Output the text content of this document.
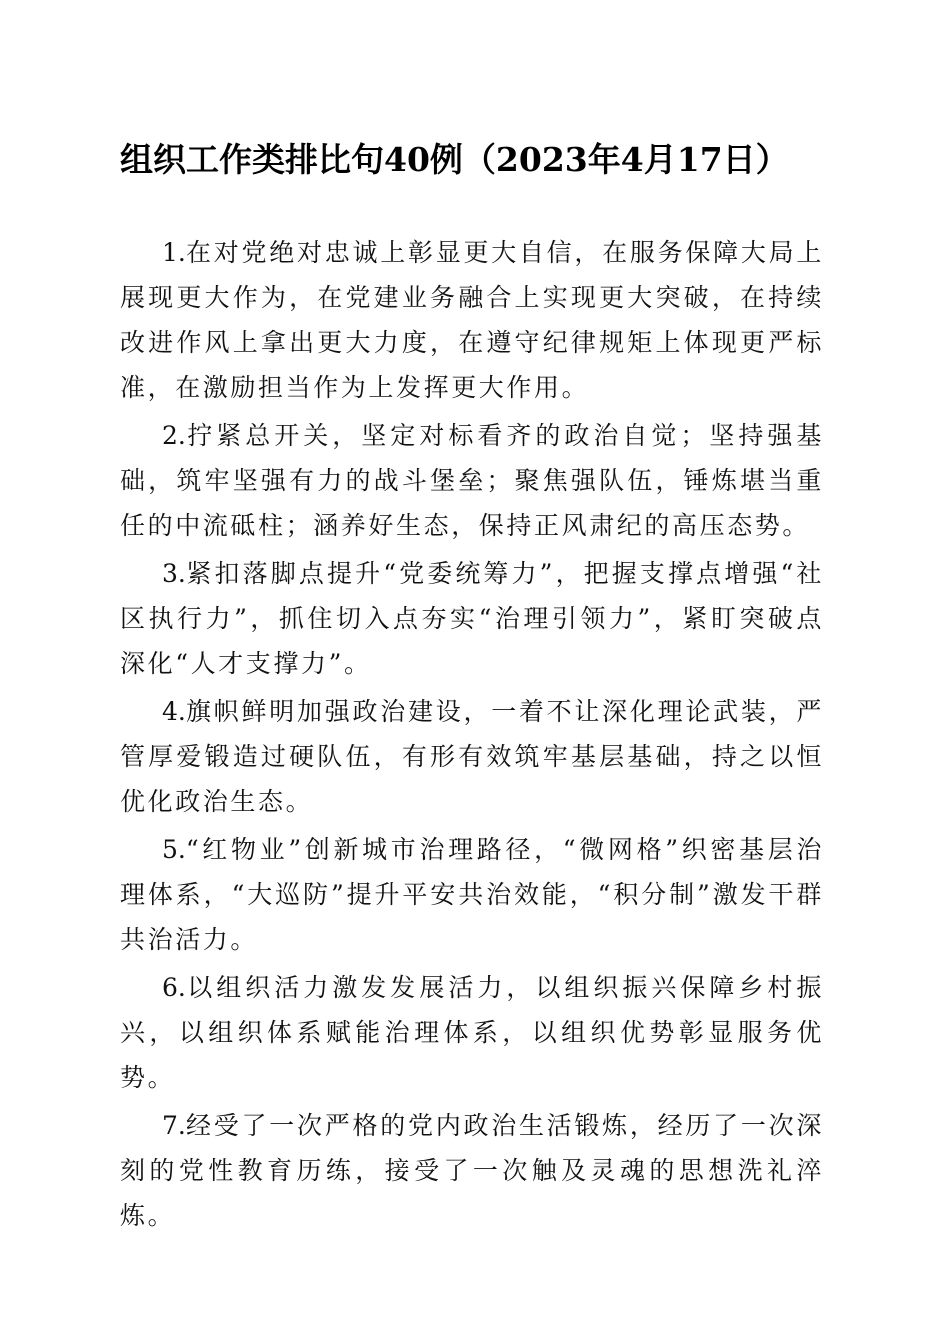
组织工作类排比句40例（2023年4月17日）

1.在对党绝对忠诚上彰显更大自信，在服务保障大局上展现更大作为，在党建业务融合上实现更大突破，在持续改进作风上拿出更大力度，在遵守纪律规矩上体现更严标准，在激励担当作为上发挥更大作用。

2.拧紧总开关，坚定对标看齐的政治自觉；坚持强基础，筑牢坚强有力的战斗堡垒；聚焦强队伍，锤炼堪当重任的中流砥柱；涵养好生态，保持正风肃纪的高压态势。

3.紧扣落脚点提升“党委统筹力”，把握支撑点增强“社区执行力”，抓住切入点夯实“治理引领力”，紧盯突破点深化“人才支撑力”。

4.旗帜鲜明加强政治建设，一着不让深化理论武装，严管厚爱锻造过硬队伍，有形有效筑牢基层基础，持之以恒优化政治生态。

5.“红物业”创新城市治理路径，“微网格”织密基层治理体系，“大巡防”提升平安共治效能，“积分制”激发干群共治活力。

6.以组织活力激发发展活力，以组织振兴保障乡村振兴，以组织体系赋能治理体系，以组织优势彰显服务优势。

7.经受了一次严格的党内政治生活锻炼，经历了一次深刻的党性教育历练，接受了一次触及灵魂的思想洗礼淬炼。
